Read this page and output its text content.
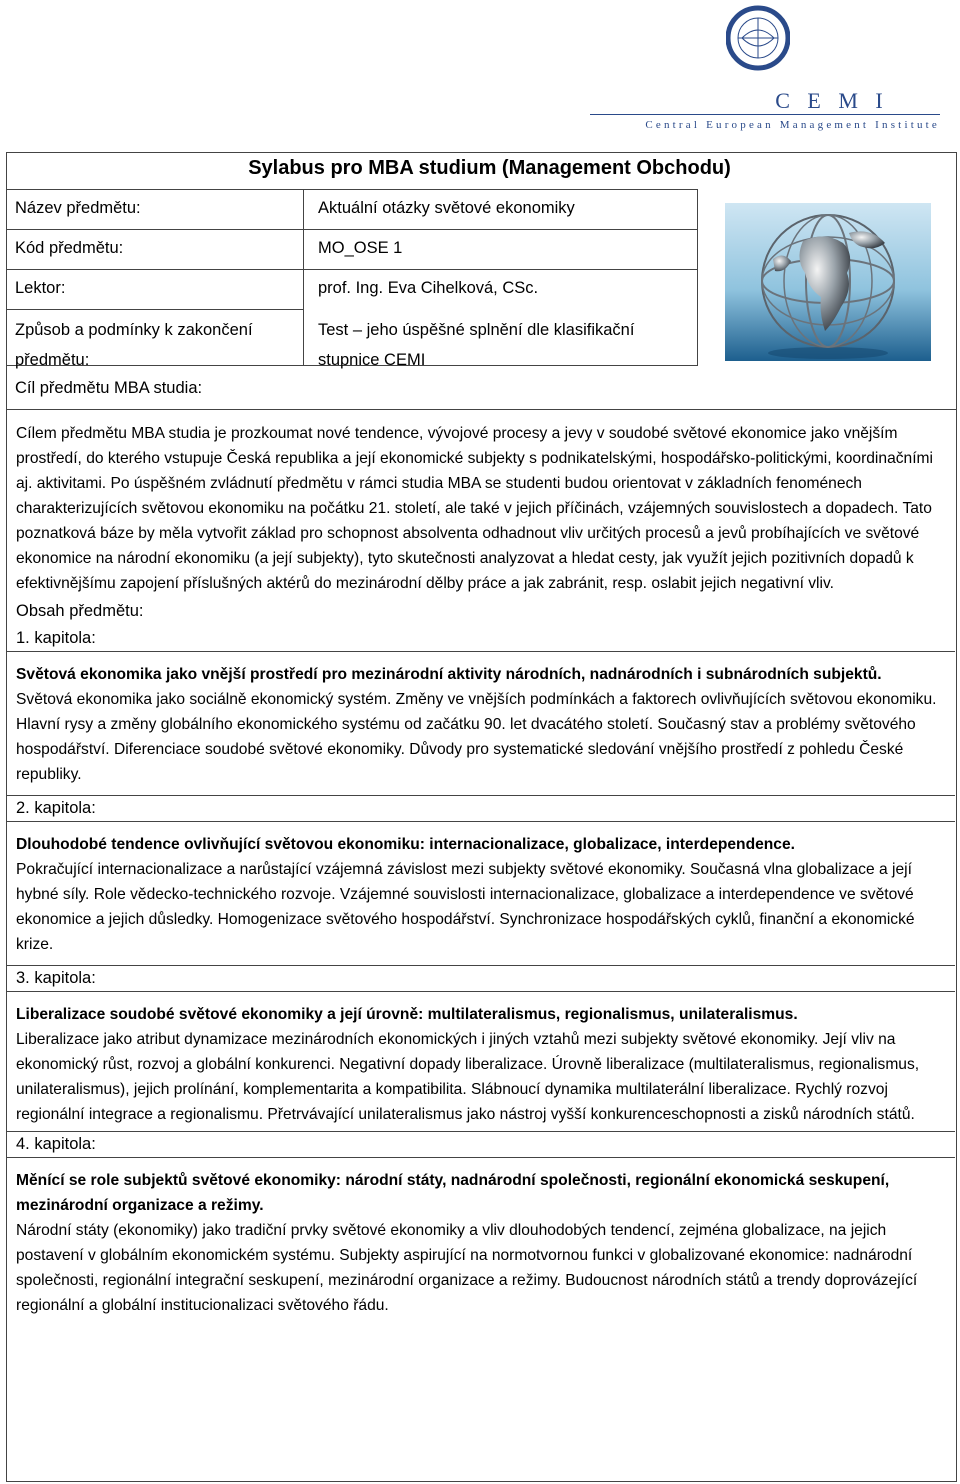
C E M I
Central European Management Institute
Sylabus pro MBA studium (Management Obchodu)
Název předmětu:	Aktuální otázky světové ekonomiky
Kód předmětu:	MO_OSE 1
Lektor:	prof. Ing. Eva Cihelková, CSc.
Způsob a podmínky k zakončení předmětu:
Test – jeho úspěšné splnění dle klasifikační stupnice CEMI
Cíl předmětu MBA studia:

Cílem předmětu MBA studia je prozkoumat nové tendence, vývojové procesy a jevy v soudobé světové ekonomice jako vnějším prostředí, do kterého vstupuje Česká republika a její ekonomické subjekty s podnikatelskými, hospodářsko-politickými, koordinačními aj. aktivitami. Po úspěšném zvládnutí předmětu v rámci studia MBA se studenti budou orientovat v základních fenoménech charakterizujících světovou ekonomiku na počátku 21. století, ale také v jejich příčinách, vzájemných souvislostech a dopadech. Tato poznatková báze by měla vytvořit základ pro schopnost absolventa odhadnout vliv určitých procesů a jevů probíhajících ve světové ekonomice na národní ekonomiku (a její subjekty), tyto skutečnosti analyzovat a hledat cesty, jak využít jejich pozitivních dopadů k efektivnějšímu zapojení příslušných aktérů do mezinárodní dělby práce a jak zabránit, resp. oslabit jejich negativní vliv.

Obsah předmětu:

1. kapitola:

Světová ekonomika jako vnější prostředí pro mezinárodní aktivity národních, nadnárodních i subnárodních subjektů.

Světová ekonomika jako sociálně ekonomický systém. Změny ve vnějších podmínkách a faktorech ovlivňujících světovou ekonomiku. Hlavní rysy a změny globálního ekonomického systému od začátku 90. let dvacátého století. Současný stav a problémy světového hospodářství. Diferenciace soudobé světové ekonomiky. Důvody pro systematické sledování vnějšího prostředí z pohledu České republiky.

2. kapitola:

Dlouhodobé tendence ovlivňující světovou ekonomiku: internacionalizace, globalizace, interdependence.

Pokračující internacionalizace a narůstající vzájemná závislost mezi subjekty světové ekonomiky. Současná vlna globalizace a její hybné síly. Role vědecko-technického rozvoje. Vzájemné souvislosti internacionalizace, globalizace a interdependence ve světové ekonomice a jejich důsledky. Homogenizace světového hospodářství. Synchronizace hospodářských cyklů, finanční a ekonomické krize.

3. kapitola:

Liberalizace soudobé světové ekonomiky a její úrovně: multilateralismus, regionalismus, unilateralismus.

Liberalizace jako atribut dynamizace mezinárodních ekonomických i jiných vztahů mezi subjekty světové ekonomiky. Její vliv na ekonomický růst, rozvoj a globální konkurenci. Negativní dopady liberalizace. Úrovně liberalizace (multilateralismus, regionalismus, unilateralismus), jejich prolínání, komplementarita a kompatibilita. Slábnoucí dynamika multilaterální liberalizace. Rychlý rozvoj regionální integrace a regionalismu. Přetrvávající unilateralismus jako nástroj vyšší konkurenceschopnosti a zisků národních států.

4. kapitola:

Měnící se role subjektů světové ekonomiky: národní státy, nadnárodní společnosti, regionální ekonomická seskupení, mezinárodní organizace a režimy.

Národní státy (ekonomiky) jako tradiční prvky světové ekonomiky a vliv dlouhodobých tendencí, zejména globalizace, na jejich postavení v globálním ekonomickém systému. Subjekty aspirující na normotvornou funkci v globalizované ekonomice: nadnárodní společnosti, regionální integrační seskupení, mezinárodní organizace a režimy. Budoucnost národních států a trendy doprovázející regionální a globální institucionalizaci světového řádu.
